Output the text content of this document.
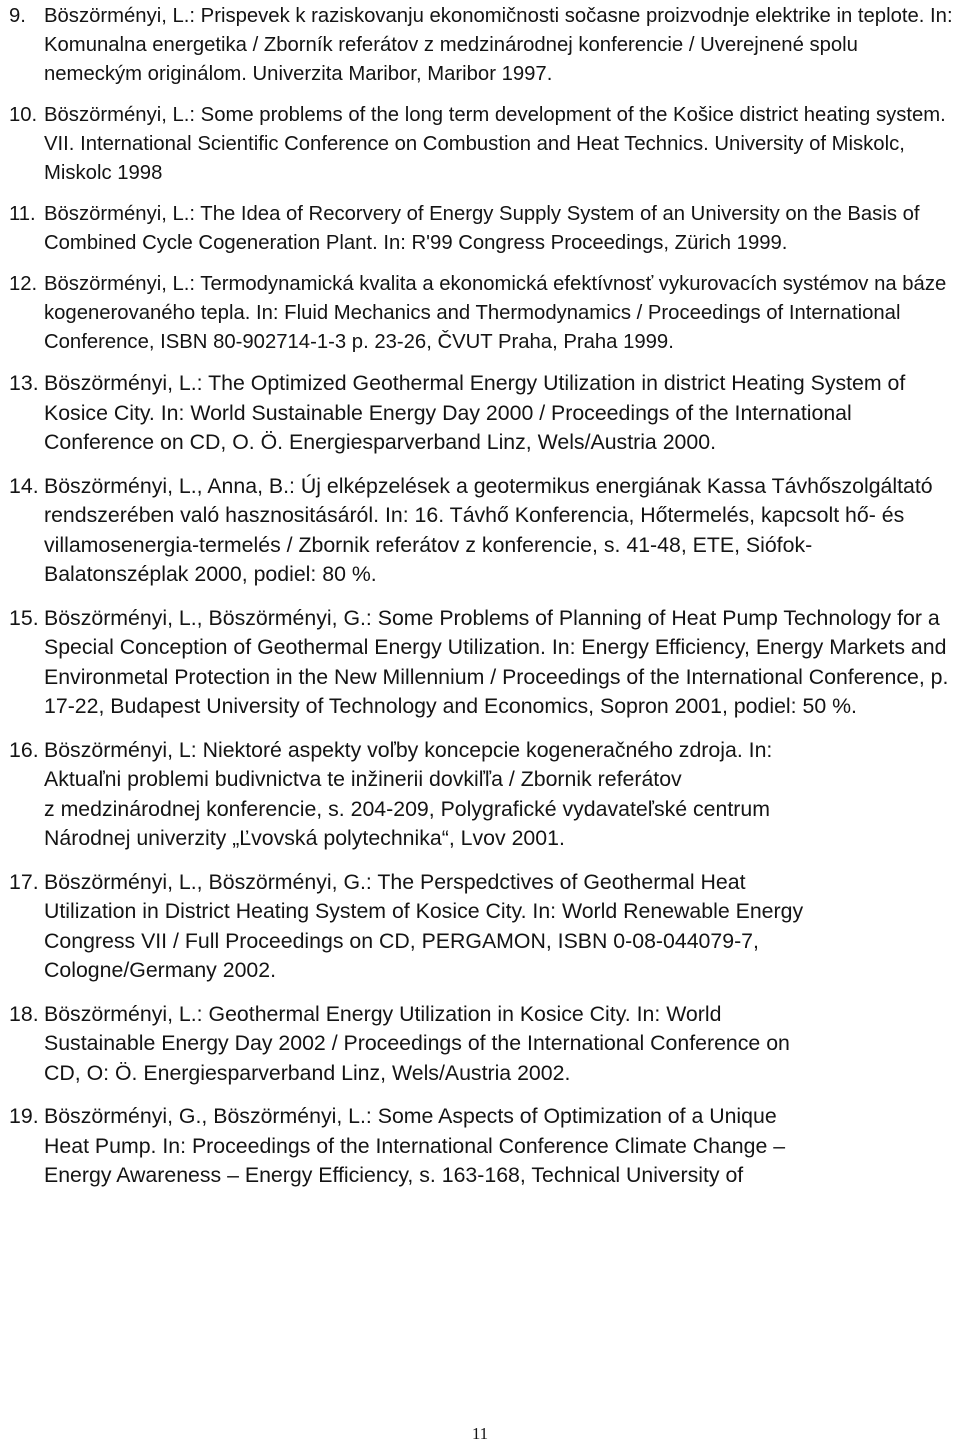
9. Böszörményi, L.: Prispevek k raziskovanju ekonomičnosti sočasne proizvodnje elektrike in teplote. In: Komunalna energetika / Zborník referátov z medzinárodnej konferencie / Uverejnené spolu nemeckým originálom. Univerzita Maribor, Maribor 1997.
10. Böszörményi, L.: Some problems of the long term development of the Košice district heating system. VII. International Scientific Conference on Combustion and Heat Technics. University of Miskolc, Miskolc 1998
11. Böszörményi, L.: The Idea of Recorvery of Energy Supply System of an University on the Basis of Combined Cycle Cogeneration Plant. In: R'99 Congress Proceedings, Zürich 1999.
12. Böszörményi, L.: Termodynamická kvalita a ekonomická efektívnosť vykurovacích systémov na báze kogenerovaného tepla. In: Fluid Mechanics and Thermodynamics / Proceedings of International Conference, ISBN 80-902714-1-3 p. 23-26, ČVUT Praha, Praha 1999.
13. Böszörményi, L.: The Optimized Geothermal Energy Utilization in district Heating System of Kosice City. In: World Sustainable Energy Day 2000 / Proceedings of the International Conference on CD, O. Ö. Energiesparverband Linz, Wels/Austria 2000.
14. Böszörményi, L., Anna, B.: Új elképzelések a geotermikus energiának Kassa Távhőszolgáltató rendszerében való hasznositásáról. In: 16. Távhő Konferencia, Hőtermelés, kapcsolt hő- és villamosenergia-termelés / Zbornik referátov z konferencie, s. 41-48, ETE, Siófok-Balatonszéplak 2000, podiel: 80 %.
15. Böszörményi, L., Böszörményi, G.: Some Problems of Planning of Heat Pump Technology for a Special Conception of Geothermal Energy Utilization. In: Energy Efficiency, Energy Markets and Environmetal Protection in the New Millennium / Proceedings of the International Conference, p. 17-22, Budapest University of Technology and Economics, Sopron 2001, podiel: 50 %.
16. Böszörményi, L: Niektoré aspekty voľby koncepcie kogeneračného zdroja. In:
Aktuaľni problemi budivnictva te inžinerii dovkiľľa / Zbornik referátov
z medzinárodnej konferencie, s. 204-209, Polygrafické vydavateľské centrum
Národnej univerzity „Ľvovská polytechnika“, Lvov 2001.
17. Böszörményi, L., Böszörményi, G.: The Perspedctives of Geothermal Heat
Utilization in District Heating System of Kosice City. In: World Renewable Energy
Congress VII / Full Proceedings on CD, PERGAMON, ISBN 0-08-044079-7,
Cologne/Germany 2002.
18. Böszörményi, L.: Geothermal Energy Utilization in Kosice City. In: World
Sustainable Energy Day 2002 / Proceedings of the International Conference on
CD, O: Ö. Energiesparverband Linz, Wels/Austria 2002.
19. Böszörményi, G., Böszörményi, L.: Some Aspects of Optimization of a Unique
Heat Pump. In: Proceedings of the International Conference Climate Change –
Energy Awareness – Energy Efficiency, s. 163-168, Technical University of
11
